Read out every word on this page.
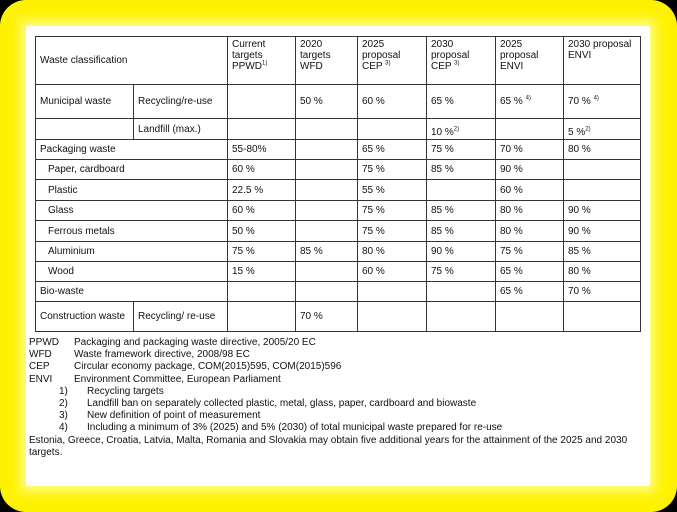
Waste classification		Current targets PPWD$^{1)}$	2020 targets WFD	2025 proposal CEP $^{3)}$	2030 proposal CEP $^{3)}$	2025 proposal ENVI	2030 proposal ENVI
Municipal waste	Recycling/re-use		50 %	60 %	65 %	65 % $^{4)}$	70 % $^{4)}$
	Landfill (max.)				10 %$^{2)}$		5 %$^{2)}$
Packaging waste		55-80%		65 %	75 %	70 %	80 %
Paper, cardboard		60 %		75 %	85 %	90 %	
Plastic		22.5 %		55 %		60 %	
Glass		60 %		75 %	85 %	80 %	90 %
Ferrous metals		50 %		75 %	85 %	80 %	90 %
Aluminium		75 %	85 %	80 %	90 %	75 %	85 %
Wood		15 %		60 %	75 %	65 %	80 %
Bio-waste						65 %	70 %
Construction waste	Recycling/ re-use		70 %				
PPWD	Packaging and packaging waste directive, 2005/20 EC
WFD	Waste framework directive, 2008/98 EC
CEP	Circular economy package, COM(2015)595, COM(2015)596
ENVI	Environment Committee, European Parliament
1)	Recycling targets
2)	Landfill ban on separately collected plastic, metal, glass, paper, cardboard and biowaste
3)	New definition of point of measurement
4)	Including a minimum of 3% (2025) and 5% (2030) of total municipal waste prepared for re-use
Estonia, Greece, Croatia, Latvia, Malta, Romania and Slovakia may obtain five additional years for the attainment of the 2025 and 2030 targets.
